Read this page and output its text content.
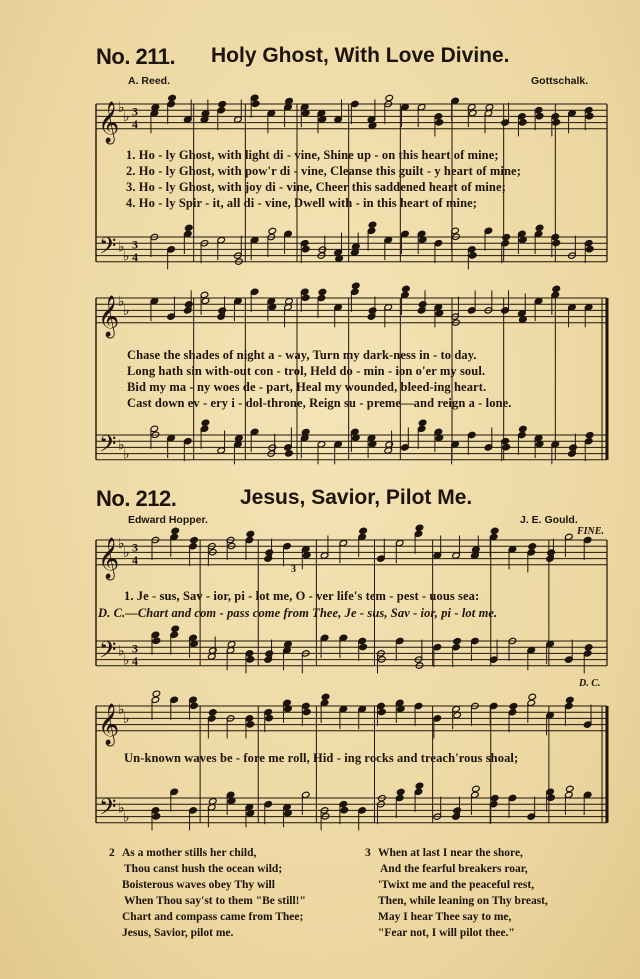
𝄞
♭
♭ 3
4
𝄢 ♭
♭
3
4
𝄞
♭
♭
𝄢 ♭
♭
𝄞
♭
♭ 3
4
𝄢 ♭
♭
3
4
𝄞
♭
♭
𝄢 ♭
♭
No. 211. Holy Ghost, With Love Divine.
A. Reed.	Gottschalk.
1. Ho - ly Ghost, with light di - vine, Shine up - on this heart of mine;
2. Ho - ly Ghost, with pow'r di - vine, Cleanse this guilt - y heart of mine;
3. Ho - ly Ghost, with joy di - vine, Cheer this saddened heart of mine;
4. Ho - ly Spir - it, all di - vine, Dwell with - in this heart of mine;
Chase the shades of night a - way, Turn my dark-ness in - to day.
Long hath sin with-out con - trol, Held do - min - ion o'er my soul.
Bid my ma - ny woes de - part, Heal my wounded, bleed-ing heart.
Cast down ev - ery i - dol-throne, Reign su - preme—and reign a - lone.
No. 212.	Jesus, Savior, Pilot Me.
Edward Hopper.	J. E. Gould.
FINE.
3
1. Je - sus, Sav - ior, pi - lot me, O - ver life's tem - pest - uous sea:
D. C.—Chart and com - pass come from Thee, Je - sus, Sav - ior, pi - lot me.
D. C.
Un-known waves be - fore me roll, Hid - ing rocks and treach'rous shoal;
2 As a mother stills her child,
Thou canst hush the ocean wild;
Boisterous waves obey Thy will
When Thou say'st to them "Be still!"
Chart and compass came from Thee;
Jesus, Savior, pilot me.
3 When at last I near the shore,
And the fearful breakers roar,
'Twixt me and the peaceful rest,
Then, while leaning on Thy breast,
May I hear Thee say to me,
"Fear not, I will pilot thee."
